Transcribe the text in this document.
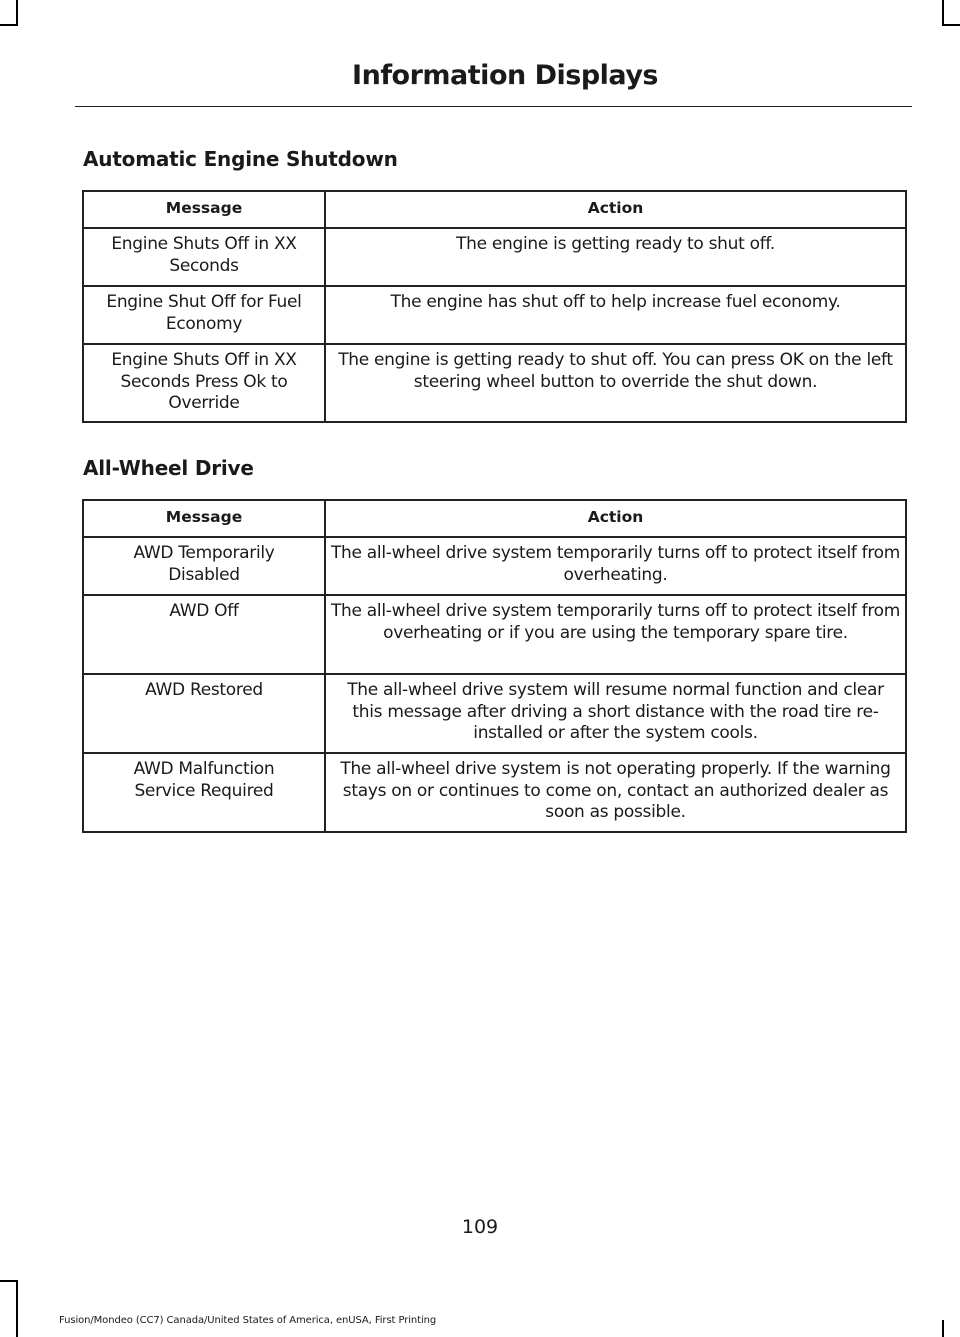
Information Displays
Automatic Engine Shutdown
Message	Action
Engine Shuts Off in XX Seconds	The engine is getting ready to shut off.
Engine Shut Off for Fuel Economy	The engine has shut off to help increase fuel economy.
Engine Shuts Off in XX Seconds Press Ok to Override	The engine is getting ready to shut off. You can press OK on the left steering wheel button to override the shut down.
All-Wheel Drive
Message	Action
AWD Temporarily Disabled	The all-wheel drive system temporarily turns off to protect itself from overheating.
AWD Off	The all-wheel drive system temporarily turns off to protect itself from overheating or if you are using the temporary spare tire.
AWD Restored	The all-wheel drive system will resume normal function and clear this message after driving a short distance with the road tire re-installed or after the system cools.
AWD Malfunction Service Required	The all-wheel drive system is not operating properly. If the warning stays on or continues to come on, contact an authorized dealer as soon as possible.
109
Fusion/Mondeo (CC7) Canada/United States of America, enUSA, First Printing
